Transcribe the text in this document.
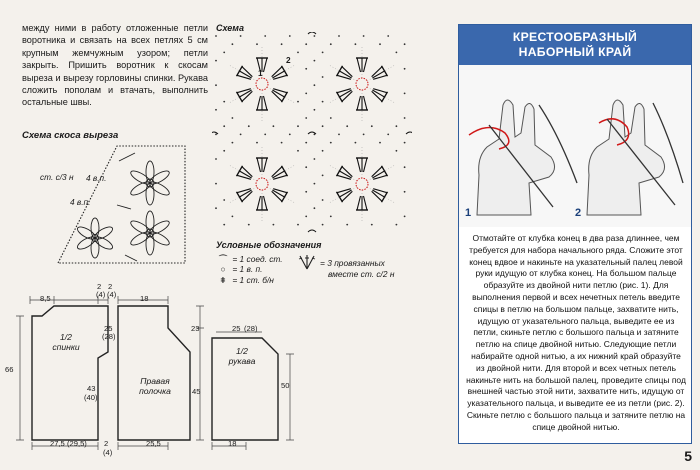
между ними в работу отложенные петли воротника и связать на всех петлях 5 см крупным жемчужным узором; петли закрыть. Пришить воротник к скосам выреза и вырезу горловины спинки. Рукава сложить пополам и втачать, выполнить остальные швы.
Схема скоса выреза
ст. с/3 н 4 в.п.
4 в.п.
Схема
2
1
Условные обозначения
⌒ = 1 соед. ст.
○ = 1 в. п.
ǂ = 1 ст. б/н
= 3 провязанных
вместе ст. с/2 н
8,5
2
(4)
2
(4)	18
25
(28)
23	25 (28)
66
43
(40)
45
50
27,5 (29,5) 2
(4)
25,5	18
1/2
спинки
Правая
полочка
1/2
рукава
КРЕСТООБРАЗНЫЙ
НАБОРНЫЙ КРАЙ
1	2
Отмотайте от клубка конец в два раза длиннее, чем требуется для набора начального ряда. Сложите этот конец вдвое и накиньте на указательный палец левой руки идущую от клубка конец. На большом пальце образуйте из двойной нити петлю (рис. 1). Для выполнения первой и всех нечетных петель введите спицы в петлю на большом пальце, захватите нить, идущую от указательного пальца, выведите ее из петли, скиньте петлю с большого пальца и затяните петлю на спице двойной нитью. Следующие петли набирайте одной нитью, а их нижний край образуйте из двойной нити. Для второй и всех четных петель накиньте нить на большой палец, проведите спицы под внешней частью этой нити, захватите нить, идущую от указательного пальца, и выведите ее из петли (рис. 2). Скиньте петлю с большого пальца и затяните петлю на спице двойной нитью.
5
